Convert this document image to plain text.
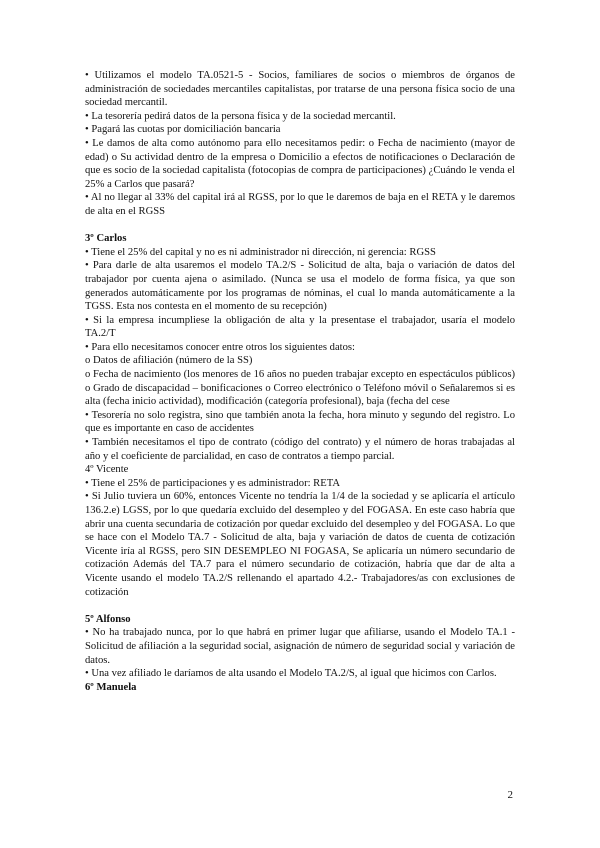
• Utilizamos el modelo TA.0521-5 - Socios, familiares de socios o miembros de órganos de administración de sociedades mercantiles capitalistas, por tratarse de una persona física socio de una sociedad mercantil.

• La tesorería pedirá datos de la persona física y de la sociedad mercantil.

• Pagará las cuotas por domiciliación bancaria

• Le damos de alta como autónomo para ello necesitamos pedir: o Fecha de nacimiento (mayor de edad) o Su actividad dentro de la empresa o Domicilio a efectos de notificaciones o Declaración de que es socio de la sociedad capitalista (fotocopias de compra de participaciones) ¿Cuándo le venda el 25% a Carlos que pasará?

• Al no llegar al 33% del capital irá al RGSS, por lo que le daremos de baja en el RETA y le daremos de alta en el RGSS

3º Carlos

• Tiene el 25% del capital y no es ni administrador ni dirección, ni gerencia: RGSS

• Para darle de alta usaremos el modelo TA.2/S - Solicitud de alta, baja o variación de datos del trabajador por cuenta ajena o asimilado. (Nunca se usa el modelo de forma física, ya que son generados automáticamente por los programas de nóminas, el cual lo manda automáticamente a la TGSS. Esta nos contesta en el momento de su recepción)

• Si la empresa incumpliese la obligación de alta y la presentase el trabajador, usaría el modelo TA.2/T

• Para ello necesitamos conocer entre otros los siguientes datos:

o Datos de afiliación (número de la SS)

o Fecha de nacimiento (los menores de 16 años no pueden trabajar excepto en espectáculos públicos) o Grado de discapacidad – bonificaciones o Correo electrónico o Teléfono móvil o Señalaremos si es alta (fecha inicio actividad), modificación (categoría profesional), baja (fecha del cese

• Tesorería no solo registra, sino que también anota la fecha, hora minuto y segundo del registro. Lo que es importante en caso de accidentes

• También necesitamos el tipo de contrato (código del contrato) y el número de horas trabajadas al año y el coeficiente de parcialidad, en caso de contratos a tiempo parcial.

4º Vicente

• Tiene el 25% de participaciones y es administrador: RETA

• Si Julio tuviera un 60%, entonces Vicente no tendría la 1/4 de la sociedad y se aplicaría el artículo 136.2.e) LGSS, por lo que quedaría excluido del desempleo y del FOGASA. En este caso habría que abrir una cuenta secundaria de cotización por quedar excluido del desempleo y del FOGASA. Lo que se hace con el Modelo TA.7 - Solicitud de alta, baja y variación de datos de cuenta de cotización Vicente iría al RGSS, pero SIN DESEMPLEO NI FOGASA, Se aplicaría un número secundario de cotización Además del TA.7 para el número secundario de cotización, habría que dar de alta a Vicente usando el modelo TA.2/S rellenando el apartado 4.2.- Trabajadores/as con exclusiones de cotización

5º Alfonso

• No ha trabajado nunca, por lo que habrá en primer lugar que afiliarse, usando el Modelo TA.1 - Solicitud de afiliación a la seguridad social, asignación de número de seguridad social y variación de datos.

• Una vez afiliado le daríamos de alta usando el Modelo TA.2/S, al igual que hicimos con Carlos.

6º Manuela

2
